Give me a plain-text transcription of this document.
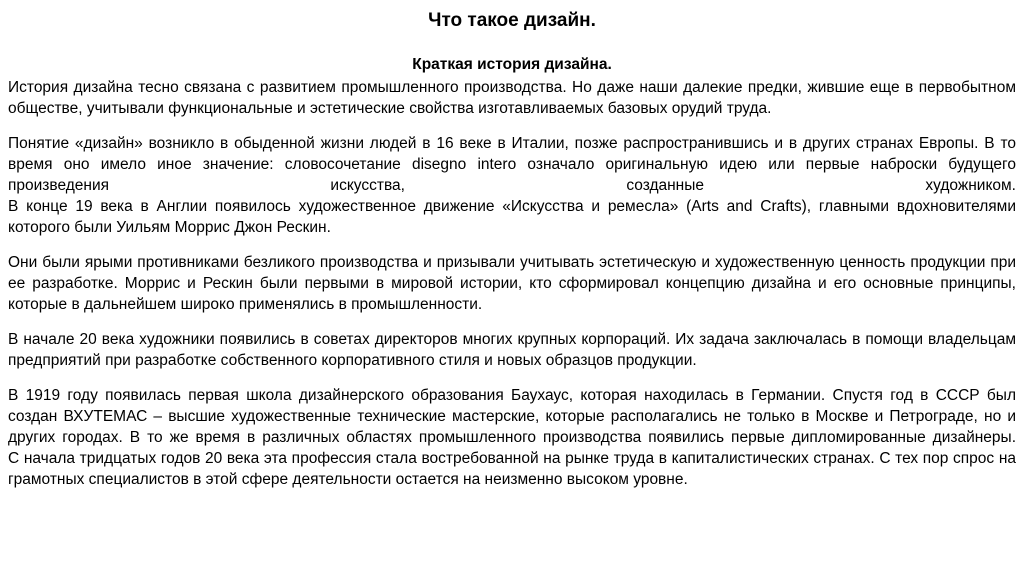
Что такое дизайн.
Краткая история дизайна.

История дизайна тесно связана с развитием промышленного производства. Но даже наши далекие предки, жившие еще в первобытном обществе, учитывали функциональные и эстетические свойства изготавливаемых базовых орудий труда.

Понятие «дизайн» возникло в обыденной жизни людей в 16 веке в Италии, позже распространившись и в других странах Европы. В то время оно имело иное значение: словосочетание disegno intero означало оригинальную идею или первые наброски будущего произведения искусства, созданные художником.
В конце 19 века в Англии появилось художественное движение «Искусства и ремесла» (Arts and Crafts), главными вдохновителями которого были Уильям Моррис Джон Рескин.

Они были ярыми противниками безликого производства и призывали учитывать эстетическую и художественную ценность продукции при ее разработке. Моррис и Рескин были первыми в мировой истории, кто сформировал концепцию дизайна и его основные принципы, которые в дальнейшем широко применялись в промышленности.

В начале 20 века художники появились в советах директоров многих крупных корпораций. Их задача заключалась в помощи владельцам предприятий при разработке собственного корпоративного стиля и новых образцов продукции.

В 1919 году появилась первая школа дизайнерского образования Баухаус, которая находилась в Германии. Спустя год в СССР был создан ВХУТЕМАС – высшие художественные технические мастерские, которые располагались не только в Москве и Петрограде, но и других городах. В то же время в различных областях промышленного производства появились первые дипломированные дизайнеры.
С начала тридцатых годов 20 века эта профессия стала востребованной на рынке труда в капиталистических странах. С тех пор спрос на грамотных специалистов в этой сфере деятельности остается на неизменно высоком уровне.
